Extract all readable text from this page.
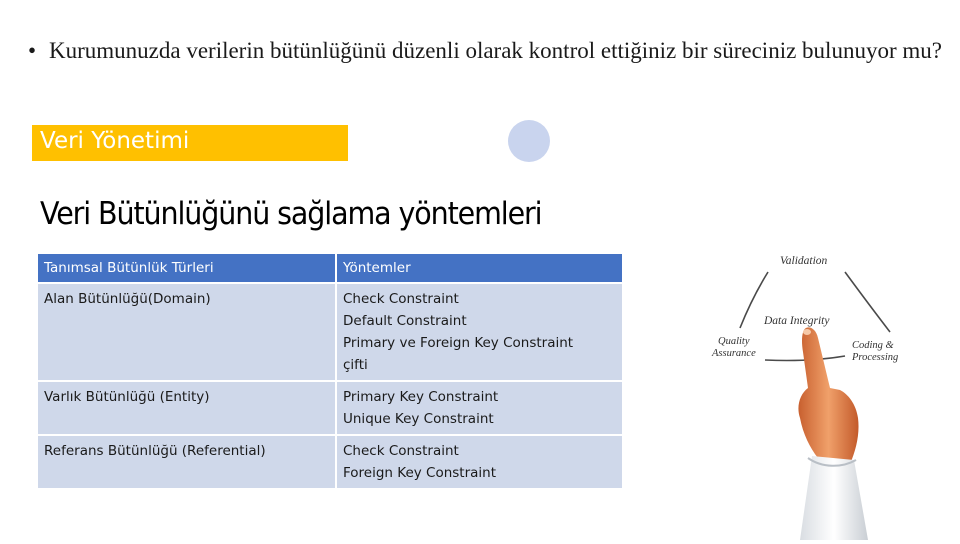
• Kurumunuzda verilerin bütünlüğünü düzenli olarak kontrol ettiğiniz bir süreciniz bulunuyor mu?
Veri Yönetimi
Veri Bütünlüğünü sağlama yöntemleri
Tanımsal Bütünlük Türleri	Yöntemler
Alan Bütünlüğü(Domain)	Check Constraint
Default Constraint
Primary ve Foreign Key Constraint
çifti

Varlık Bütünlüğü (Entity)	Primary Key Constraint
Unique Key Constraint

Referans Bütünlüğü (Referential)	Check Constraint
Foreign Key Constraint
Validation
Data Integrity
Quality
Assurance
Coding &
Processing
